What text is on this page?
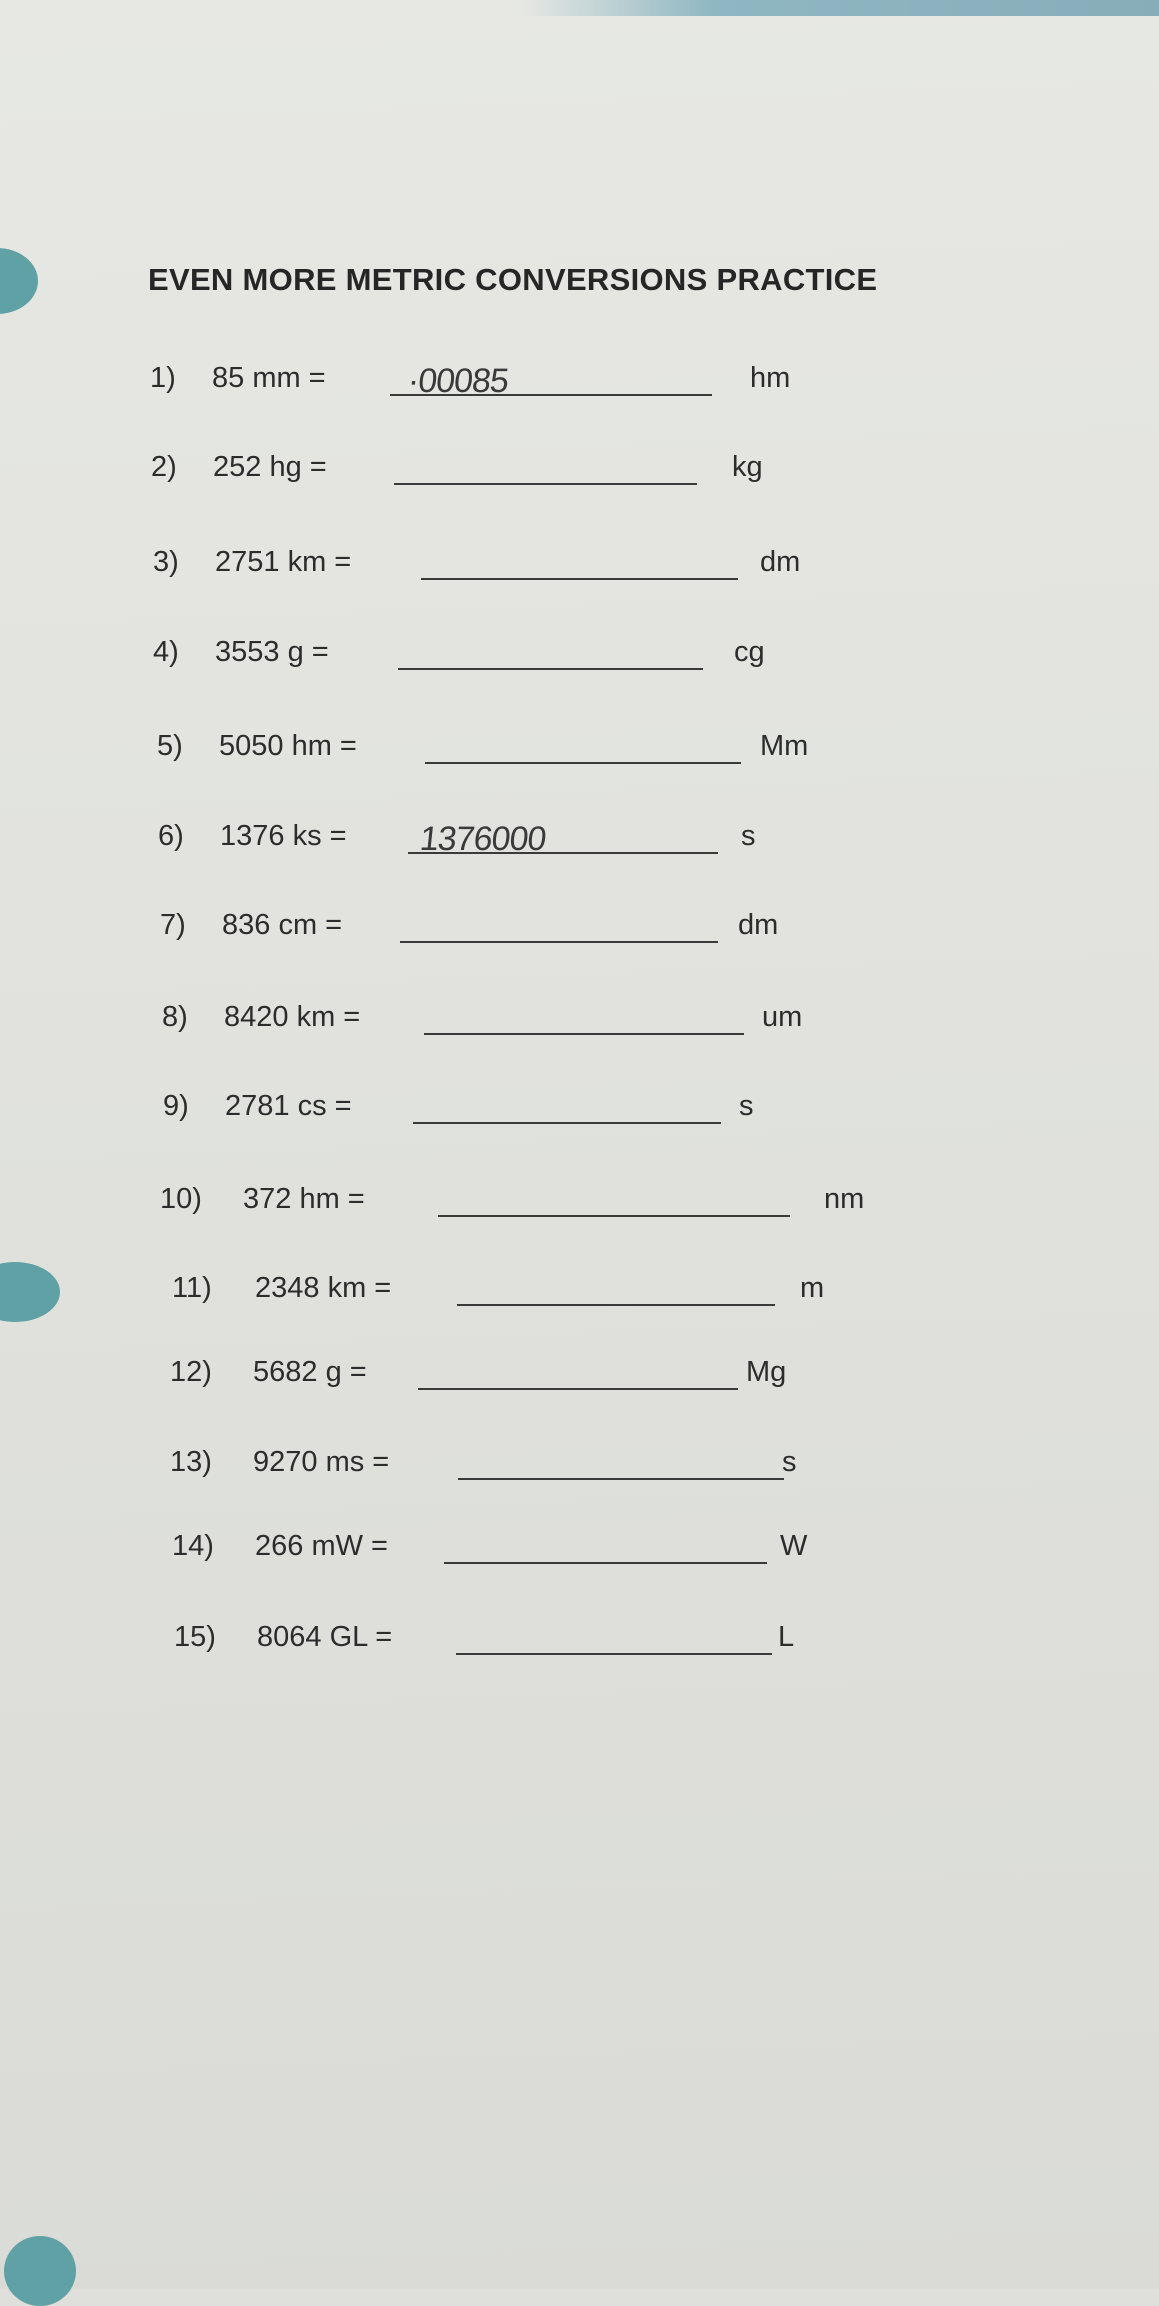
EVEN MORE METRIC CONVERSIONS PRACTICE
1) 85 mm = ·00085	hm
2) 252 hg =	kg
3) 2751 km =	dm
4) 3553 g =	cg
5) 5050 hm =	Mm
6) 1376 ks = 1376000	s
7) 836 cm =	dm
8) 8420 km =	um
9) 2781 cs =	s
10) 372 hm =	nm
11) 2348 km =	m
12) 5682 g =	Mg
13) 9270 ms =	s
14) 266 mW =	W
15) 8064 GL =	L
